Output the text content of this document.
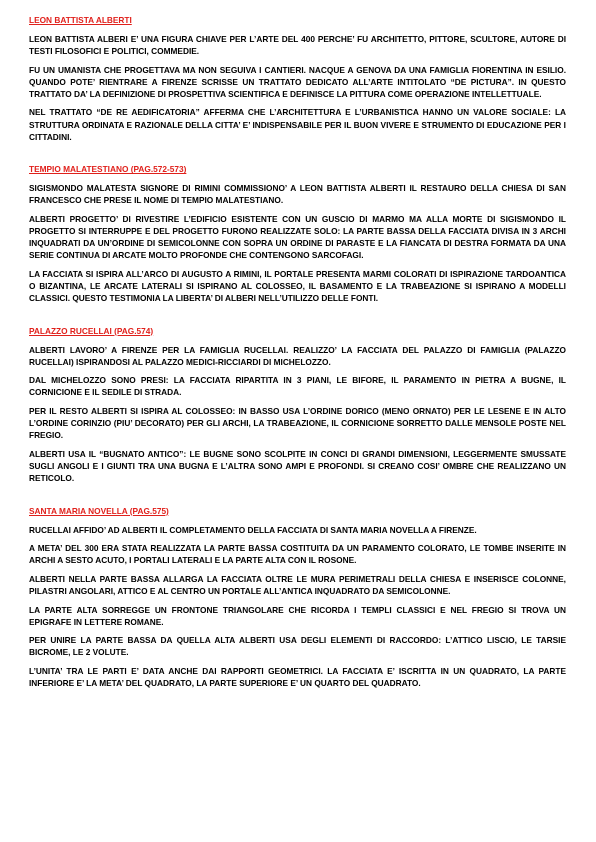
LEON BATTISTA ALBERTI

LEON BATTISTA ALBERI E’ UNA FIGURA CHIAVE PER L’ARTE DEL 400 PERCHE’ FU ARCHITETTO, PITTORE, SCULTORE, AUTORE DI TESTI FILOSOFICI E POLITICI, COMMEDIE.

FU UN UMANISTA CHE PROGETTAVA MA NON SEGUIVA I CANTIERI. NACQUE A GENOVA DA UNA FAMIGLIA FIORENTINA IN ESILIO. QUANDO POTE’ RIENTRARE A FIRENZE SCRISSE UN TRATTATO DEDICATO ALL’ARTE INTITOLATO “DE PICTURA”. IN QUESTO TRATTATO DA’ LA DEFINIZIONE DI PROSPETTIVA SCIENTIFICA E DEFINISCE LA PITTURA COME OPERAZIONE INTELLETTUALE.

NEL TRATTATO “DE RE AEDIFICATORIA” AFFERMA CHE L’ARCHITETTURA E L’URBANISTICA HANNO UN VALORE SOCIALE: LA STRUTTURA ORDINATA E RAZIONALE DELLA CITTA’ E’ INDISPENSABILE PER IL BUON VIVERE E STRUMENTO DI EDUCAZIONE PER I CITTADINI.

TEMPIO MALATESTIANO (PAG.572-573)

SIGISMONDO MALATESTA SIGNORE DI RIMINI COMMISSIONO’ A LEON BATTISTA ALBERTI IL RESTAURO DELLA CHIESA DI SAN FRANCESCO CHE PRESE IL NOME DI TEMPIO MALATESTIANO.

ALBERTI PROGETTO’ DI RIVESTIRE L’EDIFICIO ESISTENTE CON UN GUSCIO DI MARMO MA ALLA MORTE DI SIGISMONDO IL PROGETTO SI INTERRUPPE E DEL PROGETTO FURONO REALIZZATE SOLO: LA PARTE BASSA DELLA FACCIATA DIVISA IN 3 ARCHI INQUADRATI DA UN’ORDINE DI SEMICOLONNE CON SOPRA UN ORDINE DI PARASTE E LA FIANCATA DI DESTRA FORMATA DA UNA SERIE CONTINUA DI ARCATE MOLTO PROFONDE CHE CONTENGONO SARCOFAGI.

LA FACCIATA SI ISPIRA ALL’ARCO DI AUGUSTO A RIMINI, IL PORTALE PRESENTA MARMI COLORATI DI ISPIRAZIONE TARDOANTICA O BIZANTINA, LE ARCATE LATERALI SI ISPIRANO AL COLOSSEO, IL BASAMENTO E LA TRABEAZIONE SI ISPIRANO A MODELLI CLASSICI. QUESTO TESTIMONIA LA LIBERTA’ DI ALBERI NELL’UTILIZZO DELLE FONTI.

PALAZZO RUCELLAI (PAG.574)

ALBERTI LAVORO’ A FIRENZE PER LA FAMIGLIA RUCELLAI. REALIZZO’ LA FACCIATA DEL PALAZZO DI FAMIGLIA (PALAZZO RUCELLAI) ISPIRANDOSI AL PALAZZO MEDICI-RICCIARDI DI MICHELOZZO.

DAL MICHELOZZO SONO PRESI: LA FACCIATA RIPARTITA IN 3 PIANI, LE BIFORE, IL PARAMENTO IN PIETRA A BUGNE, IL CORNICIONE E IL SEDILE DI STRADA.

PER IL RESTO ALBERTI SI ISPIRA AL COLOSSEO: IN BASSO USA L’ORDINE DORICO (MENO ORNATO) PER LE LESENE E IN ALTO L’ORDINE CORINZIO (PIU’ DECORATO) PER GLI ARCHI, LA TRABEAZIONE, IL CORNICIONE SORRETTO DALLE MENSOLE POSTE NEL FREGIO.

ALBERTI USA IL “BUGNATO ANTICO”: LE BUGNE SONO SCOLPITE IN CONCI DI GRANDI DIMENSIONI, LEGGERMENTE SMUSSATE SUGLI ANGOLI E I GIUNTI TRA UNA BUGNA E L’ALTRA SONO AMPI E PROFONDI. SI CREANO COSI’ OMBRE CHE REALIZZANO UN RETICOLO.

SANTA MARIA NOVELLA (PAG.575)

RUCELLAI AFFIDO’ AD ALBERTI IL COMPLETAMENTO DELLA FACCIATA DI SANTA MARIA NOVELLA A FIRENZE.

A META’ DEL 300 ERA STATA REALIZZATA LA PARTE BASSA COSTITUITA DA UN PARAMENTO COLORATO, LE TOMBE INSERITE IN ARCHI A SESTO ACUTO, I PORTALI LATERALI E LA PARTE ALTA CON IL ROSONE.

ALBERTI NELLA PARTE BASSA ALLARGA LA FACCIATA OLTRE LE MURA PERIMETRALI DELLA CHIESA E INSERISCE COLONNE, PILASTRI ANGOLARI, ATTICO E AL CENTRO UN PORTALE ALL’ANTICA INQUADRATO DA SEMICOLONNE.

LA PARTE ALTA SORREGGE UN FRONTONE TRIANGOLARE CHE RICORDA I TEMPLI CLASSICI E NEL FREGIO SI TROVA UN EPIGRAFE IN LETTERE ROMANE.

PER UNIRE LA PARTE BASSA DA QUELLA ALTA ALBERTI USA DEGLI ELEMENTI DI RACCORDO: L’ATTICO LISCIO, LE TARSIE BICROME, LE 2 VOLUTE.

L’UNITA’ TRA LE PARTI E’ DATA ANCHE DAI RAPPORTI GEOMETRICI. LA FACCIATA E’ ISCRITTA IN UN QUADRATO, LA PARTE INFERIORE E’ LA META’ DEL QUADRATO, LA PARTE SUPERIORE E’ UN QUARTO DEL QUADRATO.
